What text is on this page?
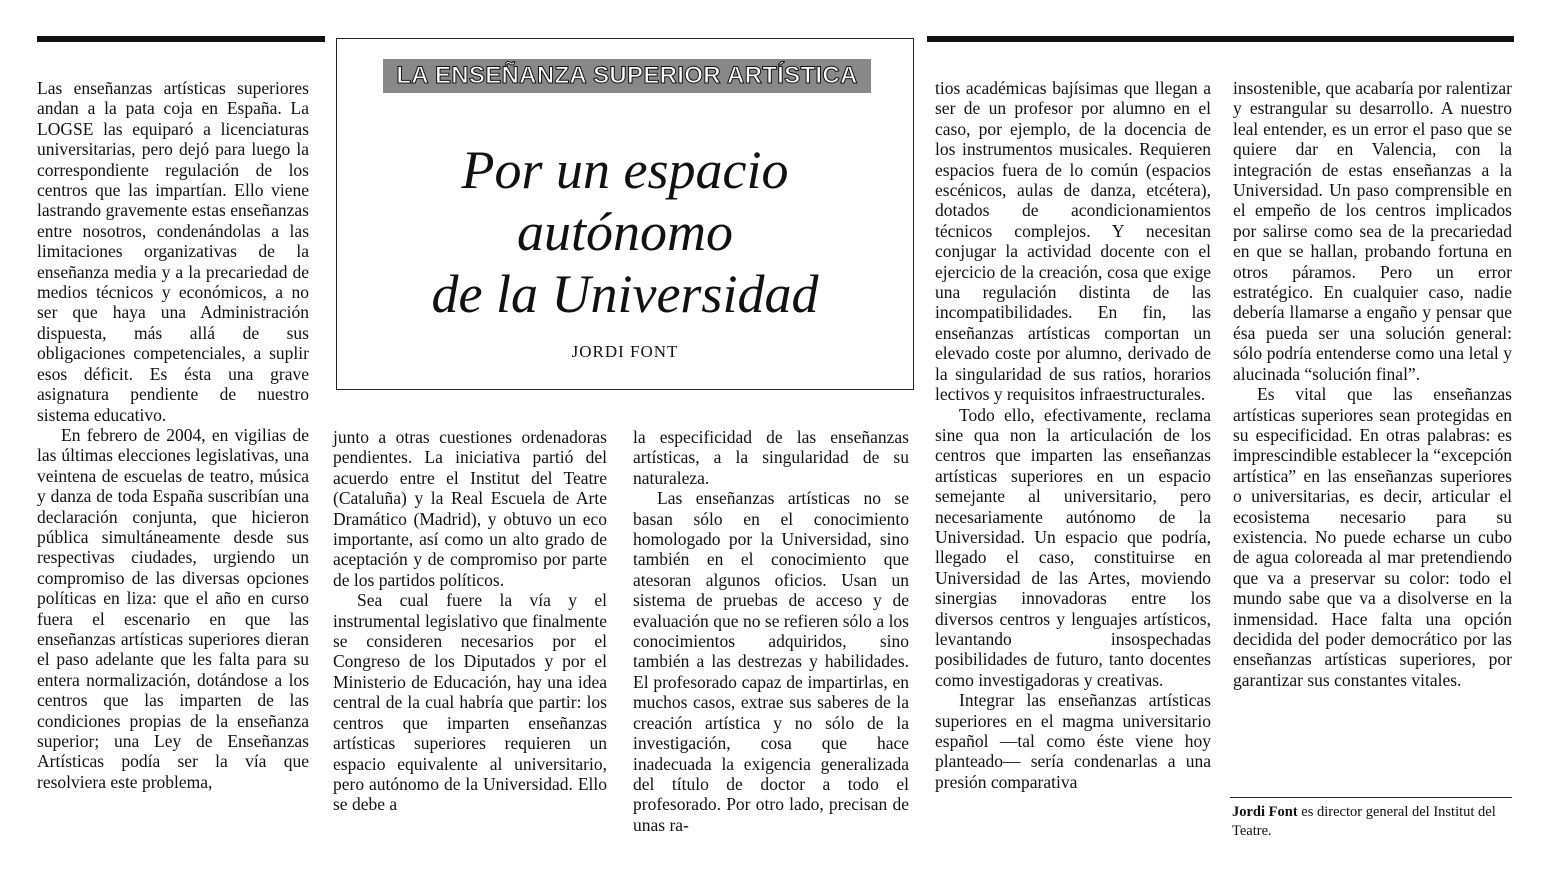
LA ENSEÑANZA SUPERIOR ARTÍSTICA
Por un espacio
autónomo
de la Universidad
JORDI FONT

Las enseñanzas artísticas superiores andan a la pata coja en España. La LOGSE las equiparó a licenciaturas universitarias, pero dejó para luego la correspondiente regulación de los centros que las impartían. Ello viene lastrando gravemente estas enseñanzas entre nosotros, condenándolas a las limitaciones organizativas de la enseñanza media y a la precariedad de medios técnicos y económicos, a no ser que haya una Administración dispuesta, más allá de sus obligaciones competenciales, a suplir esos déficit. Es ésta una grave asignatura pendiente de nuestro sistema educativo.

En febrero de 2004, en vigilias de las últimas elecciones legislativas, una veintena de escuelas de teatro, música y danza de toda España suscribían una declaración conjunta, que hicieron pública simultáneamente desde sus respectivas ciudades, urgiendo un compromiso de las diversas opciones políticas en liza: que el año en curso fuera el escenario en que las enseñanzas artísticas superiores dieran el paso adelante que les falta para su entera normalización, dotándose a los centros que las imparten de las condiciones propias de la enseñanza superior; una Ley de Enseñanzas Artísticas podía ser la vía que resolviera este problema,

junto a otras cuestiones ordenadoras pendientes. La iniciativa partió del acuerdo entre el Institut del Teatre (Cataluña) y la Real Escuela de Arte Dramático (Madrid), y obtuvo un eco importante, así como un alto grado de aceptación y de compromiso por parte de los partidos políticos.

Sea cual fuere la vía y el instrumental legislativo que finalmente se consideren necesarios por el Congreso de los Diputados y por el Ministerio de Educación, hay una idea central de la cual habría que partir: los centros que imparten enseñanzas artísticas superiores requieren un espacio equivalente al universitario, pero autónomo de la Universidad. Ello se debe a

la especificidad de las enseñanzas artísticas, a la singularidad de su naturaleza.

Las enseñanzas artísticas no se basan sólo en el conocimiento homologado por la Universidad, sino también en el conocimiento que atesoran algunos oficios. Usan un sistema de pruebas de acceso y de evaluación que no se refieren sólo a los conocimientos adquiridos, sino también a las destrezas y habilidades. El profesorado capaz de impartirlas, en muchos casos, extrae sus saberes de la creación artística y no sólo de la investigación, cosa que hace inadecuada la exigencia generalizada del título de doctor a todo el profesorado. Por otro lado, precisan de unas ra-

tios académicas bajísimas que llegan a ser de un profesor por alumno en el caso, por ejemplo, de la docencia de los instrumentos musicales. Requieren espacios fuera de lo común (espacios escénicos, aulas de danza, etcétera), dotados de acondicionamientos técnicos complejos. Y necesitan conjugar la actividad docente con el ejercicio de la creación, cosa que exige una regulación distinta de las incompatibilidades. En fin, las enseñanzas artísticas comportan un elevado coste por alumno, derivado de la singularidad de sus ratios, horarios lectivos y requisitos infraestructurales.

Todo ello, efectivamente, reclama sine qua non la articulación de los centros que imparten las enseñanzas artísticas superiores en un espacio semejante al universitario, pero necesariamente autónomo de la Universidad. Un espacio que podría, llegado el caso, constituirse en Universidad de las Artes, moviendo sinergias innovadoras entre los diversos centros y lenguajes artísticos, levantando insospechadas posibilidades de futuro, tanto docentes como investigadoras y creativas.

Integrar las enseñanzas artísticas superiores en el magma universitario español —tal como éste viene hoy planteado— sería condenarlas a una presión comparativa

insostenible, que acabaría por ralentizar y estrangular su desarrollo. A nuestro leal entender, es un error el paso que se quiere dar en Valencia, con la integración de estas enseñanzas a la Universidad. Un paso comprensible en el empeño de los centros implicados por salirse como sea de la precariedad en que se hallan, probando fortuna en otros páramos. Pero un error estratégico. En cualquier caso, nadie debería llamarse a engaño y pensar que ésa pueda ser una solución general: sólo podría entenderse como una letal y alucinada “solución final”.

Es vital que las enseñanzas artísticas superiores sean protegidas en su especificidad. En otras palabras: es imprescindible establecer la “excepción artística” en las enseñanzas superiores o universitarias, es decir, articular el ecosistema necesario para su existencia. No puede echarse un cubo de agua coloreada al mar pretendiendo que va a preservar su color: todo el mundo sabe que va a disolverse en la inmensidad. Hace falta una opción decidida del poder democrático por las enseñanzas artísticas superiores, por garantizar sus constantes vitales.

Jordi Font es director general del Institut del Teatre.
